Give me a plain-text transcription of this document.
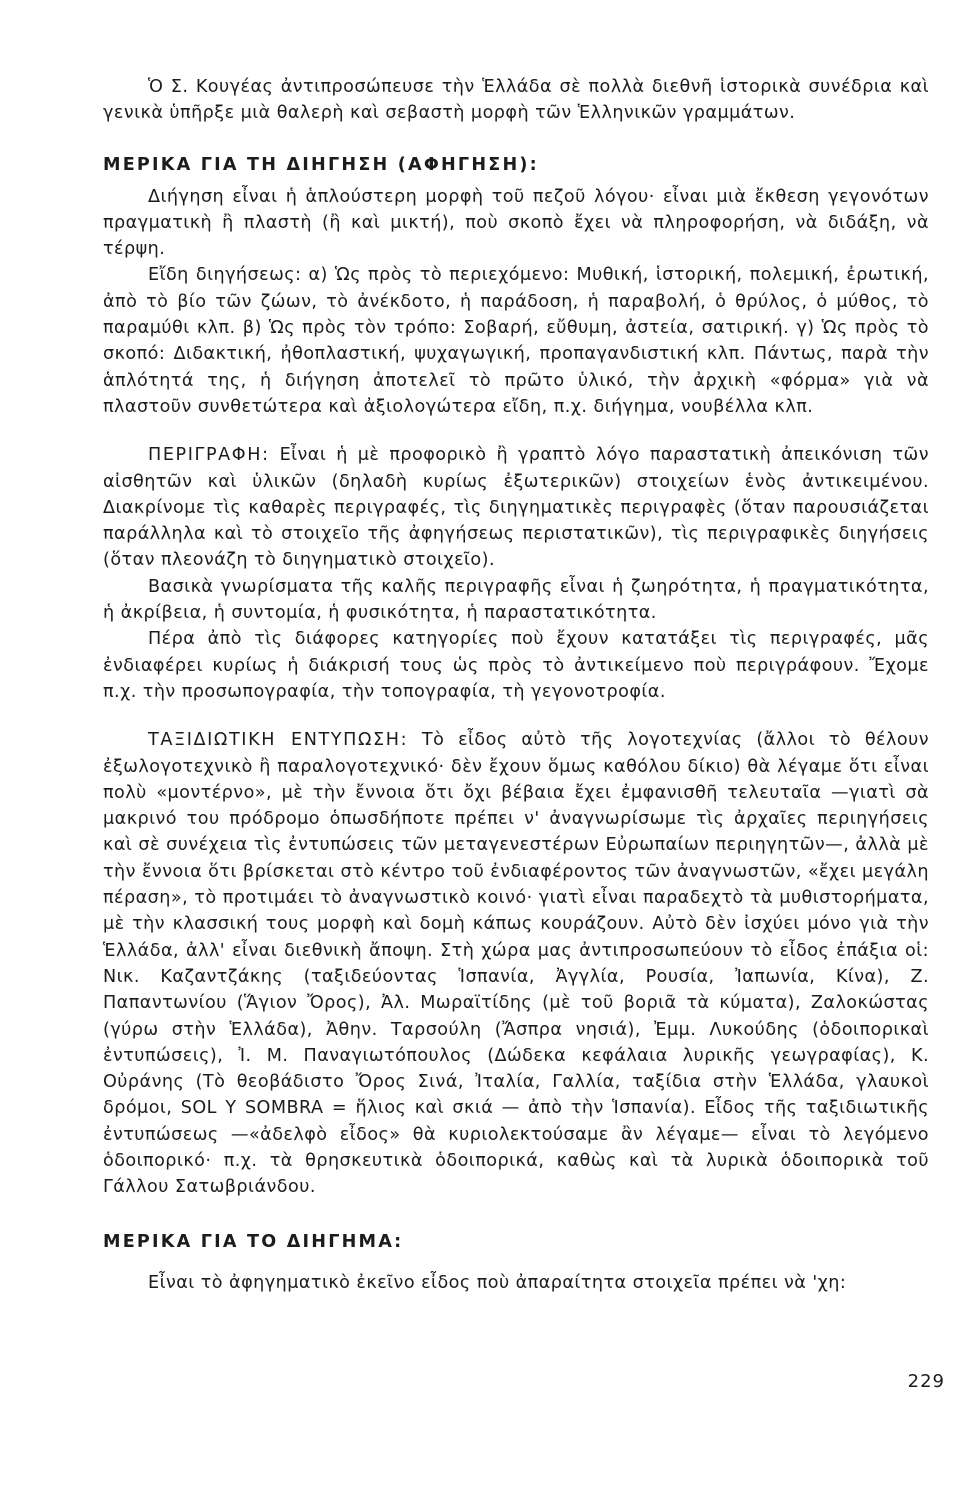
Ὁ Σ. Κουγέας ἀντιπροσώπευσε τὴν Ἑλλάδα σὲ πολλὰ διεθνῆ ἱστορικὰ συνέδρια καὶ γενικὰ ὑπῆρξε μιὰ θαλερὴ καὶ σεβαστὴ μορφὴ τῶν Ἑλληνικῶν γραμμάτων.

ΜΕΡΙΚΑ ΓΙΑ ΤΗ ΔΙΗΓΗΣΗ (ΑΦΗΓΗΣΗ):

Διήγηση εἶναι ἡ ἁπλούστερη μορφὴ τοῦ πεζοῦ λόγου· εἶναι μιὰ ἔκθεση γεγονότων πραγματικὴ ἢ πλαστὴ (ἢ καὶ μικτή), ποὺ σκοπὸ ἔχει νὰ πληροφορήση, νὰ διδάξη, νὰ τέρψη.

Εἴδη διηγήσεως: α) Ὡς πρὸς τὸ περιεχόμενο: Μυθική, ἱστορική, πολεμική, ἐρωτική, ἀπὸ τὸ βίο τῶν ζώων, τὸ ἀνέκδοτο, ἡ παράδοση, ἡ παραβολή, ὁ θρύλος, ὁ μύθος, τὸ παραμύθι κλπ. β) Ὡς πρὸς τὸν τρόπο: Σοβαρή, εὔθυμη, ἀστεία, σατιρική. γ) Ὡς πρὸς τὸ σκοπό: Διδακτική, ἠθοπλαστική, ψυχαγωγική, προπαγανδιστική κλπ. Πάντως, παρὰ τὴν ἁπλότητά της, ἡ διήγηση ἀποτελεῖ τὸ πρῶτο ὑλικό, τὴν ἀρχικὴ «φόρμα» γιὰ νὰ πλαστοῦν συνθετώτερα καὶ ἀξιολογώτερα εἴδη, π.χ. διήγημα, νουβέλλα κλπ.

ΠΕΡΙΓΡΑΦΗ: Εἶναι ἡ μὲ προφορικὸ ἢ γραπτὸ λόγο παραστατικὴ ἀπεικόνιση τῶν αἰσθητῶν καὶ ὑλικῶν (δηλαδὴ κυρίως ἐξωτερικῶν) στοιχείων ἑνὸς ἀντικειμένου. Διακρίνομε τὶς καθαρὲς περιγραφές, τὶς διηγηματικὲς περιγραφὲς (ὅταν παρουσιάζεται παράλληλα καὶ τὸ στοιχεῖο τῆς ἀφηγήσεως περιστατικῶν), τὶς περιγραφικὲς διηγήσεις (ὅταν πλεονάζη τὸ διηγηματικὸ στοιχεῖο).

Βασικὰ γνωρίσματα τῆς καλῆς περιγραφῆς εἶναι ἡ ζωηρότητα, ἡ πραγματικότητα, ἡ ἀκρίβεια, ἡ συντομία, ἡ φυσικότητα, ἡ παραστατικότητα.

Πέρα ἀπὸ τὶς διάφορες κατηγορίες ποὺ ἔχουν κατατάξει τὶς περιγραφές, μᾶς ἐνδιαφέρει κυρίως ἡ διάκρισή τους ὡς πρὸς τὸ ἀντικείμενο ποὺ περιγράφουν. Ἔχομε π.χ. τὴν προσωπογραφία, τὴν τοπογραφία, τὴ γεγονοτροφία.

ΤΑΞΙΔΙΩΤΙΚΗ ΕΝΤΥΠΩΣΗ: Τὸ εἶδος αὐτὸ τῆς λογοτεχνίας (ἄλλοι τὸ θέλουν ἐξωλογοτεχνικὸ ἢ παραλογοτεχνικό· δὲν ἔχουν ὅμως καθόλου δίκιο) θὰ λέγαμε ὅτι εἶναι πολὺ «μοντέρνο», μὲ τὴν ἔννοια ὅτι ὄχι βέβαια ἔχει ἐμφανισθῆ τελευταῖα —γιατὶ σὰ μακρινό του πρόδρομο ὁπωσδήποτε πρέπει ν' ἀναγνωρίσωμε τὶς ἀρχαῖες περιηγήσεις καὶ σὲ συνέχεια τὶς ἐντυπώσεις τῶν μεταγενεστέρων Εὐρωπαίων περιηγητῶν—, ἀλλὰ μὲ τὴν ἔννοια ὅτι βρίσκεται στὸ κέντρο τοῦ ἐνδιαφέροντος τῶν ἀναγνωστῶν, «ἔχει μεγάλη πέραση», τὸ προτιμάει τὸ ἀναγνωστικὸ κοινό· γιατὶ εἶναι παραδεχτὸ τὰ μυθιστορήματα, μὲ τὴν κλασσική τους μορφὴ καὶ δομὴ κάπως κουράζουν. Αὐτὸ δὲν ἰσχύει μόνο γιὰ τὴν Ἑλλάδα, ἀλλ' εἶναι διεθνικὴ ἄποψη. Στὴ χώρα μας ἀντιπροσωπεύουν τὸ εἶδος ἐπάξια οἱ: Νικ. Καζαντζάκης (ταξιδεύοντας Ἱσπανία, Ἀγγλία, Ρουσία, Ἰαπωνία, Κίνα), Ζ. Παπαντωνίου (Ἅγιον Ὄρος), Ἀλ. Μωραϊτίδης (μὲ τοῦ βοριᾶ τὰ κύματα), Ζαλοκώστας (γύρω στὴν Ἑλλάδα), Ἀθην. Ταρσούλη (Ἄσπρα νησιά), Ἐμμ. Λυκούδης (ὁδοιπορικαὶ ἐντυπώσεις), Ἰ. Μ. Παναγιωτόπουλος (Δώδεκα κεφάλαια λυρικῆς γεωγραφίας), Κ. Οὐράνης (Τὸ θεοβάδιστο Ὄρος Σινά, Ἰταλία, Γαλλία, ταξίδια στὴν Ἑλλάδα, γλαυκοὶ δρόμοι, SOL Y SOMBRA = ἥλιος καὶ σκιά — ἀπὸ τὴν Ἱσπανία). Εἶδος τῆς ταξιδιωτικῆς ἐντυπώσεως —«ἀδελφὸ εἶδος» θὰ κυριολεκτούσαμε ἂν λέγαμε— εἶναι τὸ λεγόμενο ὁδοιπορικό· π.χ. τὰ θρησκευτικὰ ὁδοιπορικά, καθὼς καὶ τὰ λυρικὰ ὁδοιπορικὰ τοῦ Γάλλου Σατωβριάνδου.

ΜΕΡΙΚΑ ΓΙΑ ΤΟ ΔΙΗΓΗΜΑ:

Εἶναι τὸ ἀφηγηματικὸ ἐκεῖνο εἶδος ποὺ ἀπαραίτητα στοιχεῖα πρέπει νὰ 'χη:

229
